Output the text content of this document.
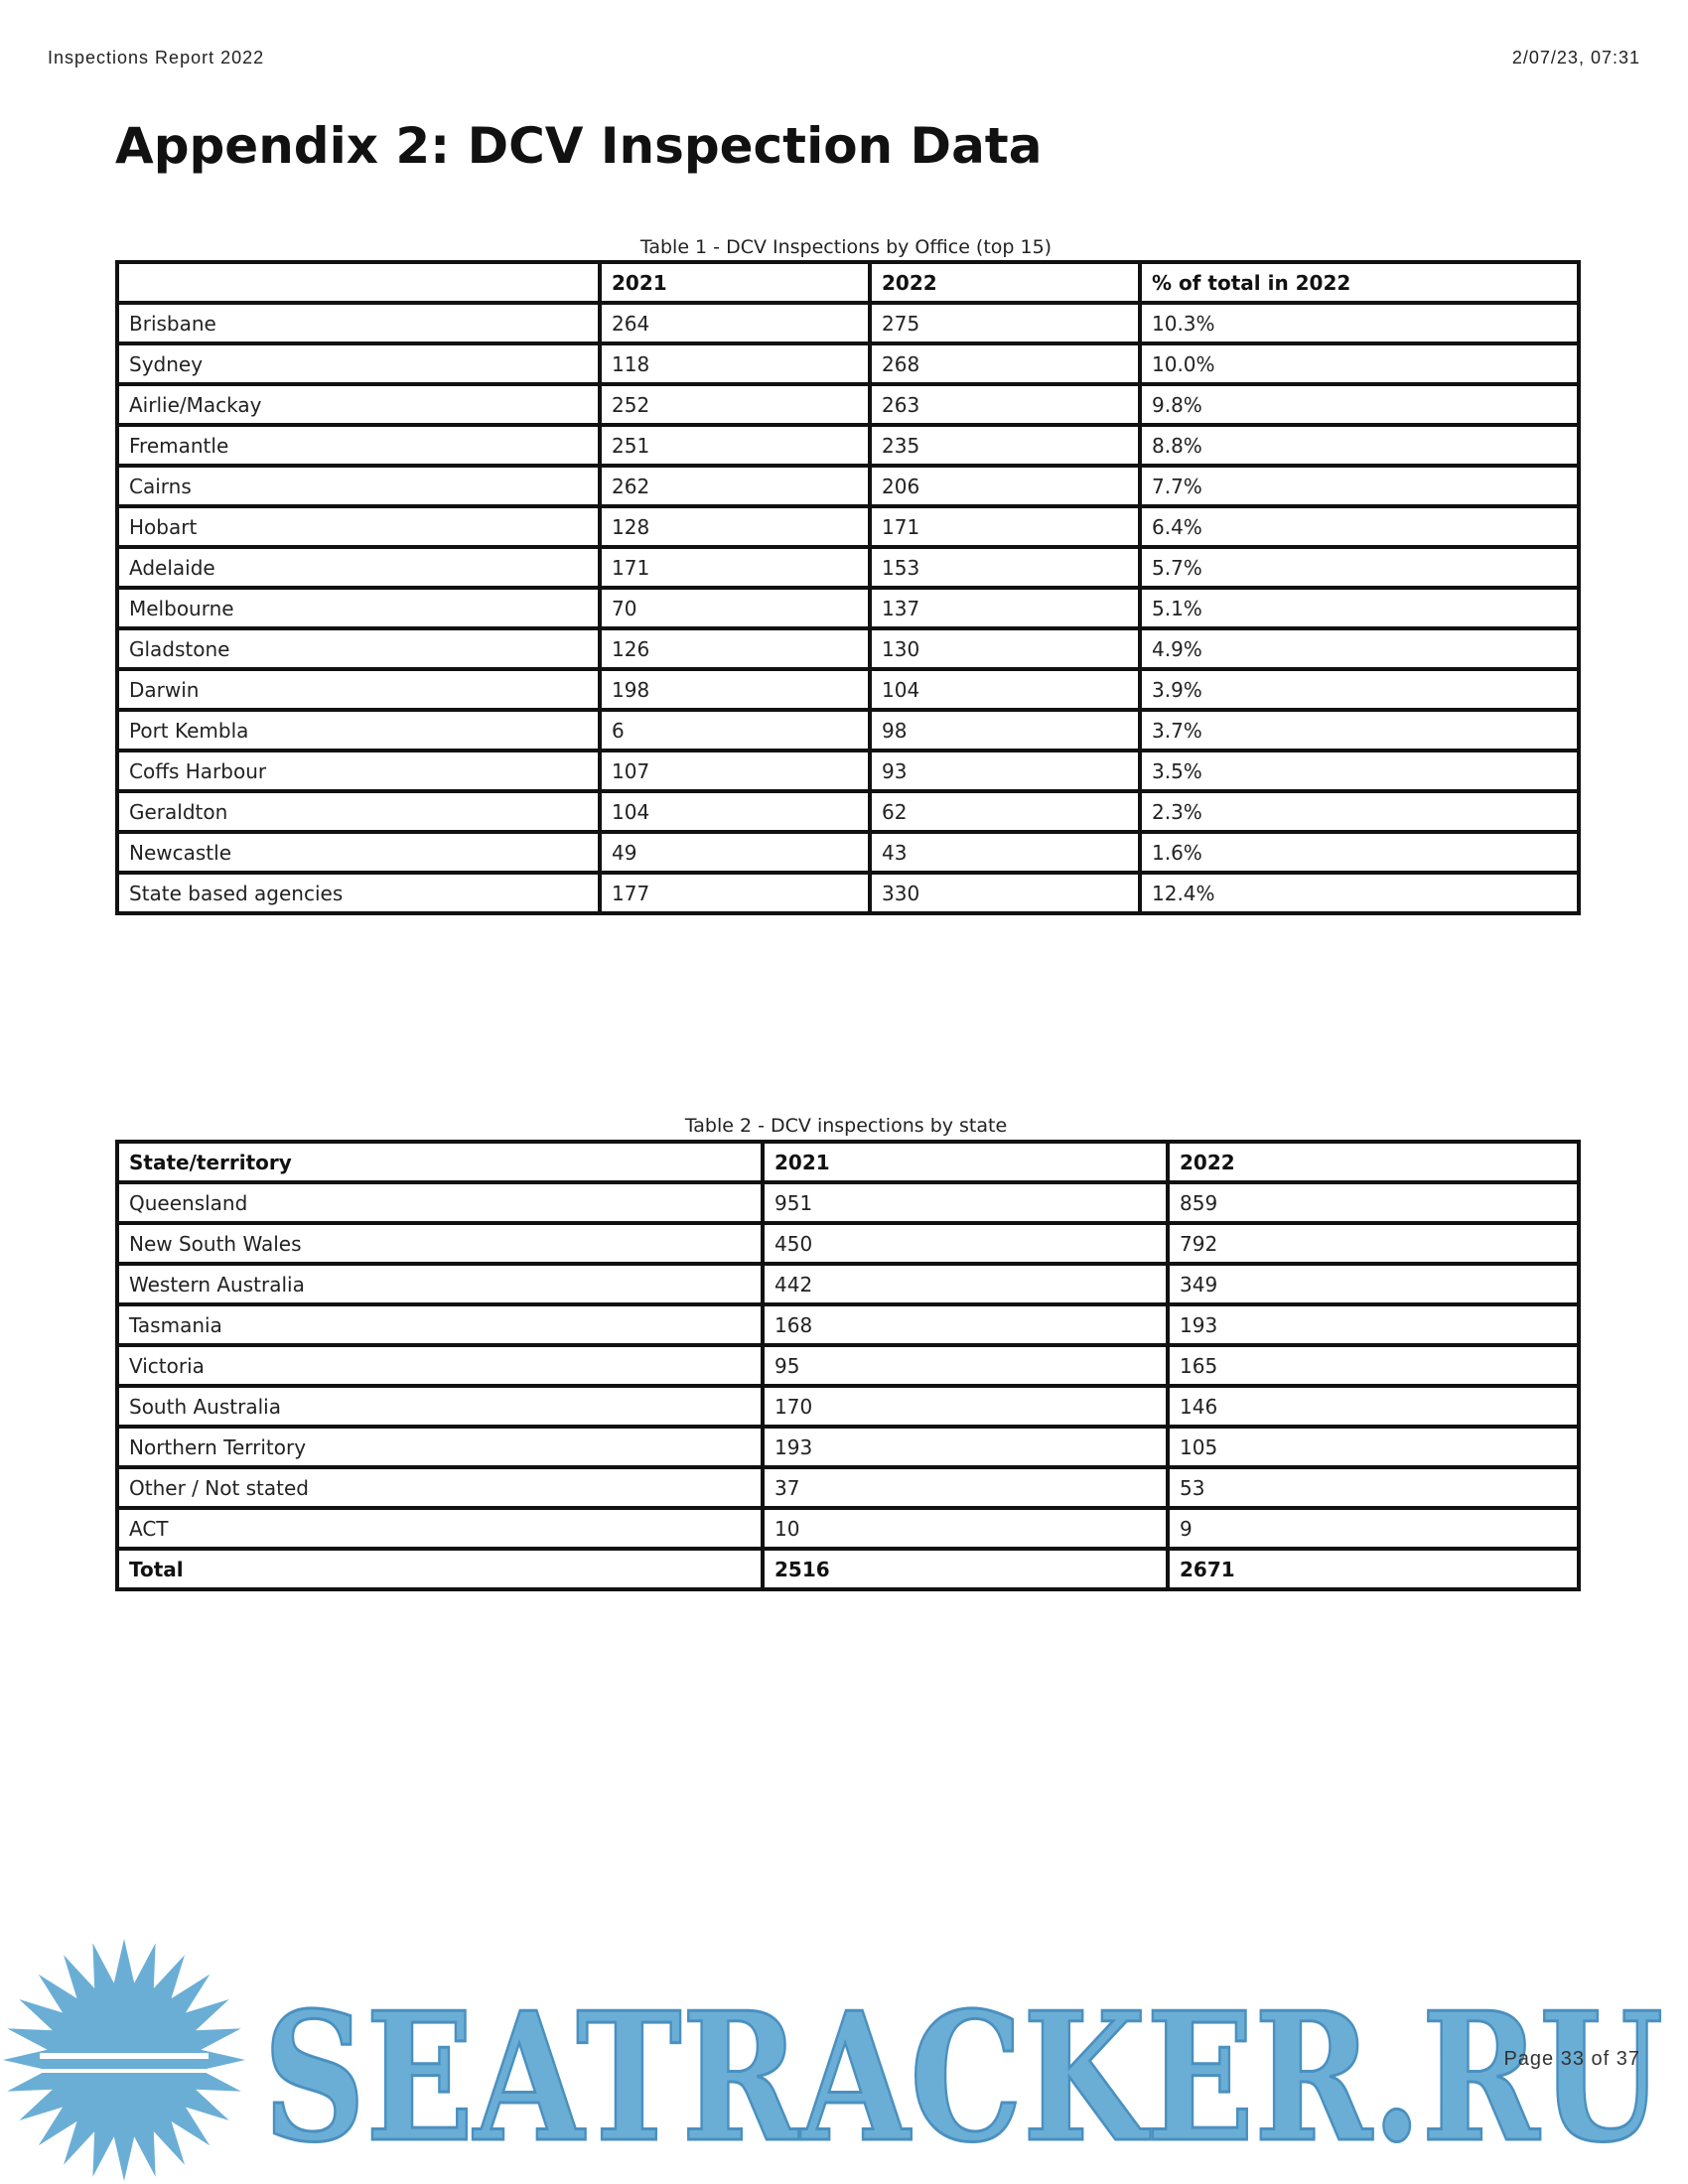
Inspections Report 2022	2/07/23, 07:31
Appendix 2: DCV Inspection Data
Table 1 - DCV Inspections by Office (top 15)
	2021	2022	% of total in 2022
Brisbane	264	275	10.3%
Sydney	118	268	10.0%
Airlie/Mackay	252	263	9.8%
Fremantle	251	235	8.8%
Cairns	262	206	7.7%
Hobart	128	171	6.4%
Adelaide	171	153	5.7%
Melbourne	70	137	5.1%
Gladstone	126	130	4.9%
Darwin	198	104	3.9%
Port Kembla	6	98	3.7%
Coffs Harbour	107	93	3.5%
Geraldton	104	62	2.3%
Newcastle	49	43	1.6%
State based agencies	177	330	12.4%
Table 2 - DCV inspections by state
State/territory	2021	2022
Queensland	951	859
New South Wales	450	792
Western Australia	442	349
Tasmania	168	193
Victoria	95	165
South Australia	170	146
Northern Territory	193	105
Other / Not stated	37	53
ACT	10	9
Total	2516	2671
SEATRACKER.RU
Page 33 of 37
